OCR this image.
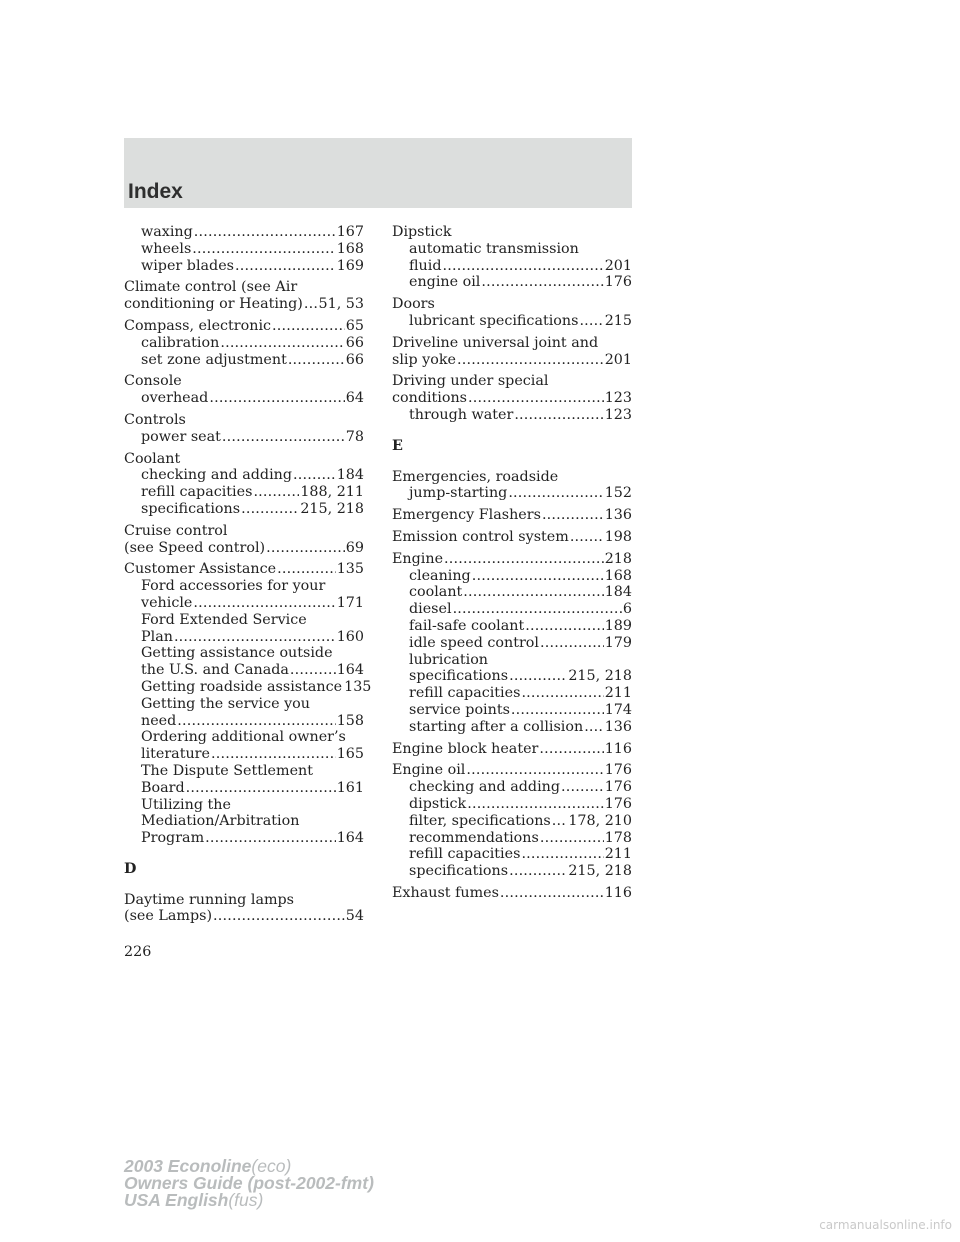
Index
waxing .....	167
wheels .....	168
wiper blades .....	169
Climate control (see Air
conditioning or Heating) ..... 51, 53
Compass, electronic .....	65
calibration .....	66
set zone adjustment .....	66
Console
overhead .....	64
Controls
power seat .....	78
Coolant
checking and adding .....	184
refill capacities .....	188, 211
specifications .....	215, 218
Cruise control
(see Speed control) .....	69
Customer Assistance .....	135
Ford accessories for your
vehicle .....	171
Ford Extended Service
Plan .....	160
Getting assistance outside
the U.S. and Canada .....	164
Getting roadside assistance 135
Getting the service you
need .....	158
Ordering additional owner’s
literature .....	165
The Dispute Settlement
Board .....	161
Utilizing the
Mediation/Arbitration
Program .....	164
D
Daytime running lamps
(see Lamps) .....	54
Dipstick
automatic transmission
fluid .....	201
engine oil .....	176
Doors
lubricant specifications ..... 215
Driveline universal joint and
slip yoke .....	201
Driving under special
conditions .....	123
through water .....	123
E
Emergencies, roadside
jump-starting .....	152
Emergency Flashers .....	136
Emission control system .....	198
Engine .....	218
cleaning .....	168
coolant .....	184
diesel .....	6
fail-safe coolant .....	189
idle speed control .....	179
lubrication
specifications .....	215, 218
refill capacities .....	211
service points .....	174
starting after a collision ..... 136
Engine block heater .....	116
Engine oil .....	176
checking and adding .....	176
dipstick .....	176
filter, specifications ..... 178, 210
recommendations .....	178
refill capacities .....	211
specifications .....	215, 218
Exhaust fumes .....	116
226
2003 Econoline(eco)
Owners Guide (post-2002-fmt)
USA English(fus)
carmanualsonline.info
